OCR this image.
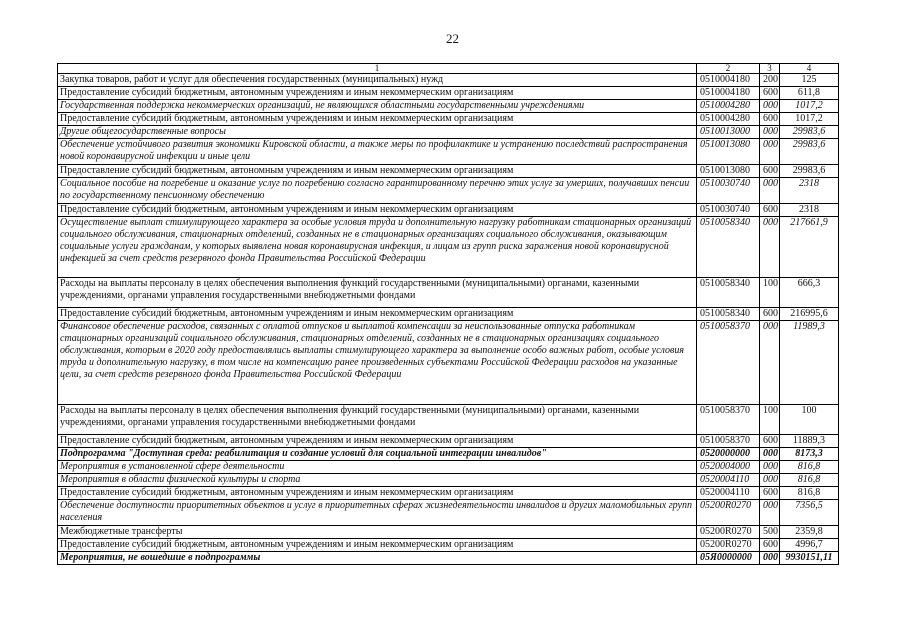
22
1	2	3	4
Закупка товаров, работ и услуг для обеспечения государственных (муниципальных) нужд	0510004180	200	125
Предоставление субсидий бюджетным, автономным учреждениям и иным некоммерческим организациям	0510004180	600	611,8
Государственная поддержка некоммерческих организаций, не являющихся областными государственными учреждениями	0510004280	000	1017,2
Предоставление субсидий бюджетным, автономным учреждениям и иным некоммерческим организациям	0510004280	600	1017,2
Другие общегосударственные вопросы	0510013000	000	29983,6
Обеспечение устойчивого развития экономики Кировской области, а также меры по профилактике и устранению последствий распространения новой коронавирусной инфекции и иные цели	0510013080	000	29983,6
Предоставление субсидий бюджетным, автономным учреждениям и иным некоммерческим организациям	0510013080	600	29983,6
Социальное пособие на погребение и оказание услуг по погребению согласно гарантированному перечню этих услуг за умерших, получавших пенсии по государственному пенсионному обеспечению	0510030740	000	2318
Предоставление субсидий бюджетным, автономным учреждениям и иным некоммерческим организациям	0510030740	600	2318
Осуществление выплат стимулирующего характера за особые условия труда и дополнительную нагрузку работникам стационарных организаций социального обслуживания, стационарных отделений, созданных не в стационарных организациях социального обслуживания, оказывающим социальные услуги гражданам, у которых выявлена новая коронавирусная инфекция, и лицам из групп риска заражения новой коронавирусной инфекцией за счет средств резервного фонда Правительства Российской Федерации	0510058340	000	217661,9
Расходы на выплаты персоналу в целях обеспечения выполнения функций государственными (муниципальными) органами, казенными учреждениями, органами управления государственными внебюджетными фондами	0510058340	100	666,3
Предоставление субсидий бюджетным, автономным учреждениям и иным некоммерческим организациям	0510058340	600	216995,6
Финансовое обеспечение расходов, связанных с оплатой отпусков и выплатой компенсации за неиспользованные отпуска работникам стационарных организаций социального обслуживания, стационарных отделений, созданных не в стационарных организациях социального обслуживания, которым в 2020 году предоставлялись выплаты стимулирующего характера за выполнение особо важных работ, особые условия труда и дополнительную нагрузку, в том числе на компенсацию ранее произведенных субъектами Российской Федерации расходов на указанные цели, за счет средств резервного фонда Правительства Российской Федерации	0510058370	000	11989,3
Расходы на выплаты персоналу в целях обеспечения выполнения функций государственными (муниципальными) органами, казенными учреждениями, органами управления государственными внебюджетными фондами	0510058370	100	100
Предоставление субсидий бюджетным, автономным учреждениям и иным некоммерческим организациям	0510058370	600	11889,3
Подпрограмма "Доступная среда: реабилитация и создание условий для социальной интеграции инвалидов"	0520000000	000	8173,3
Мероприятия в установленной сфере деятельности	0520004000	000	816,8
Мероприятия в области физической культуры и спорта	0520004110	000	816,8
Предоставление субсидий бюджетным, автономным учреждениям и иным некоммерческим организациям	0520004110	600	816,8
Обеспечение доступности приоритетных объектов и услуг в приоритетных сферах жизнедеятельности инвалидов и других маломобильных групп населения	05200R0270	000	7356,5
Межбюджетные трансферты	05200R0270	500	2359,8
Предоставление субсидий бюджетным, автономным учреждениям и иным некоммерческим организациям	05200R0270	600	4996,7
Мероприятия, не вошедшие в подпрограммы	05Я0000000	000	9930151,11
